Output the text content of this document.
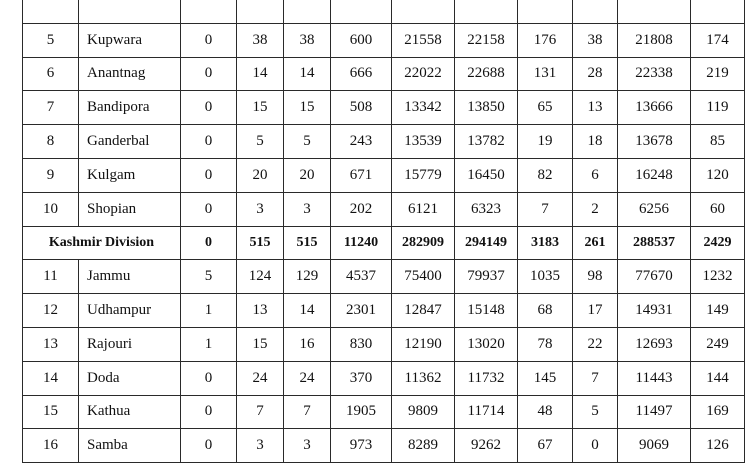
5	Kupwara	0	38	38	600	21558	22158	176	38	21808	174
6	Anantnag	0	14	14	666	22022	22688	131	28	22338	219
7	Bandipora	0	15	15	508	13342	13850	65	13	13666	119
8	Ganderbal	0	5	5	243	13539	13782	19	18	13678	85
9	Kulgam	0	20	20	671	15779	16450	82	6	16248	120
10	Shopian	0	3	3	202	6121	6323	7	2	6256	60
Kashmir Division		0	515	515	11240	282909	294149	3183	261	288537	2429
11	Jammu	5	124	129	4537	75400	79937	1035	98	77670	1232
12	Udhampur	1	13	14	2301	12847	15148	68	17	14931	149
13	Rajouri	1	15	16	830	12190	13020	78	22	12693	249
14	Doda	0	24	24	370	11362	11732	145	7	11443	144
15	Kathua	0	7	7	1905	9809	11714	48	5	11497	169
16	Samba	0	3	3	973	8289	9262	67	0	9069	126
